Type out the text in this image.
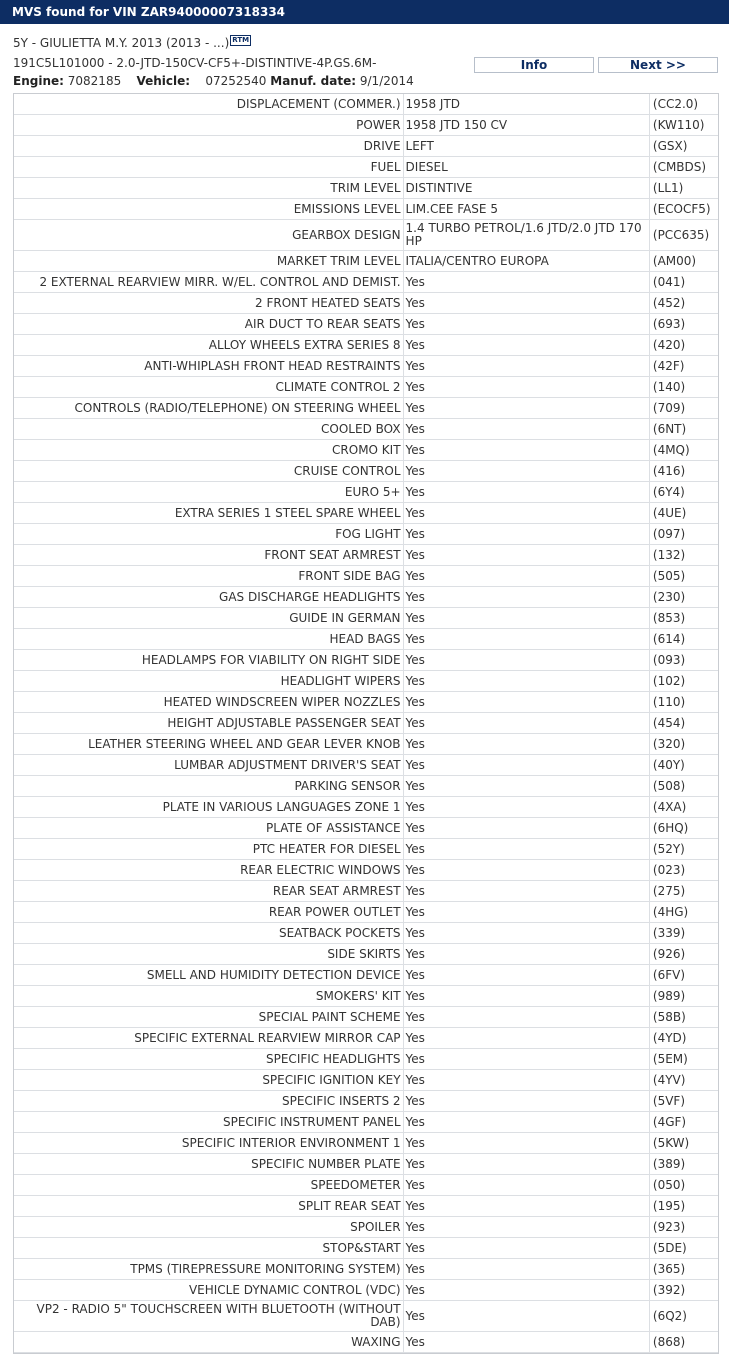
MVS found for VIN ZAR94000007318334
5Y - GIULIETTA M.Y. 2013 (2013 - ...) RTM
191C5L101000 - 2.0-JTD-150CV-CF5+-DISTINTIVE-4P.GS.6M-
Engine: 7082185 Vehicle: 07252540 Manuf. date: 9/1/2014
Info	Next >>
DISPLACEMENT (COMMER.)	1958 JTD	(CC2.0)
POWER	1958 JTD 150 CV	(KW110)
DRIVE	LEFT	(GSX)
FUEL	DIESEL	(CMBDS)
TRIM LEVEL	DISTINTIVE	(LL1)
EMISSIONS LEVEL	LIM.CEE FASE 5	(ECOCF5)
GEARBOX DESIGN	1.4 TURBO PETROL/1.6 JTD/2.0 JTD 170 HP	(PCC635)
MARKET TRIM LEVEL	ITALIA/CENTRO EUROPA	(AM00)
2 EXTERNAL REARVIEW MIRR. W/EL. CONTROL AND DEMIST.	Yes	(041)
2 FRONT HEATED SEATS	Yes	(452)
AIR DUCT TO REAR SEATS	Yes	(693)
ALLOY WHEELS EXTRA SERIES 8	Yes	(420)
ANTI-WHIPLASH FRONT HEAD RESTRAINTS	Yes	(42F)
CLIMATE CONTROL 2	Yes	(140)
CONTROLS (RADIO/TELEPHONE) ON STEERING WHEEL	Yes	(709)
COOLED BOX	Yes	(6NT)
CROMO KIT	Yes	(4MQ)
CRUISE CONTROL	Yes	(416)
EURO 5+	Yes	(6Y4)
EXTRA SERIES 1 STEEL SPARE WHEEL	Yes	(4UE)
FOG LIGHT	Yes	(097)
FRONT SEAT ARMREST	Yes	(132)
FRONT SIDE BAG	Yes	(505)
GAS DISCHARGE HEADLIGHTS	Yes	(230)
GUIDE IN GERMAN	Yes	(853)
HEAD BAGS	Yes	(614)
HEADLAMPS FOR VIABILITY ON RIGHT SIDE	Yes	(093)
HEADLIGHT WIPERS	Yes	(102)
HEATED WINDSCREEN WIPER NOZZLES	Yes	(110)
HEIGHT ADJUSTABLE PASSENGER SEAT	Yes	(454)
LEATHER STEERING WHEEL AND GEAR LEVER KNOB	Yes	(320)
LUMBAR ADJUSTMENT DRIVER'S SEAT	Yes	(40Y)
PARKING SENSOR	Yes	(508)
PLATE IN VARIOUS LANGUAGES ZONE 1	Yes	(4XA)
PLATE OF ASSISTANCE	Yes	(6HQ)
PTC HEATER FOR DIESEL	Yes	(52Y)
REAR ELECTRIC WINDOWS	Yes	(023)
REAR SEAT ARMREST	Yes	(275)
REAR POWER OUTLET	Yes	(4HG)
SEATBACK POCKETS	Yes	(339)
SIDE SKIRTS	Yes	(926)
SMELL AND HUMIDITY DETECTION DEVICE	Yes	(6FV)
SMOKERS' KIT	Yes	(989)
SPECIAL PAINT SCHEME	Yes	(58B)
SPECIFIC EXTERNAL REARVIEW MIRROR CAP	Yes	(4YD)
SPECIFIC HEADLIGHTS	Yes	(5EM)
SPECIFIC IGNITION KEY	Yes	(4YV)
SPECIFIC INSERTS 2	Yes	(5VF)
SPECIFIC INSTRUMENT PANEL	Yes	(4GF)
SPECIFIC INTERIOR ENVIRONMENT 1	Yes	(5KW)
SPECIFIC NUMBER PLATE	Yes	(389)
SPEEDOMETER	Yes	(050)
SPLIT REAR SEAT	Yes	(195)
SPOILER	Yes	(923)
STOP&START	Yes	(5DE)
TPMS (TIREPRESSURE MONITORING SYSTEM)	Yes	(365)
VEHICLE DYNAMIC CONTROL (VDC)	Yes	(392)
VP2 - RADIO 5" TOUCHSCREEN WITH BLUETOOTH (WITHOUT DAB)	Yes	(6Q2)
WAXING	Yes	(868)
